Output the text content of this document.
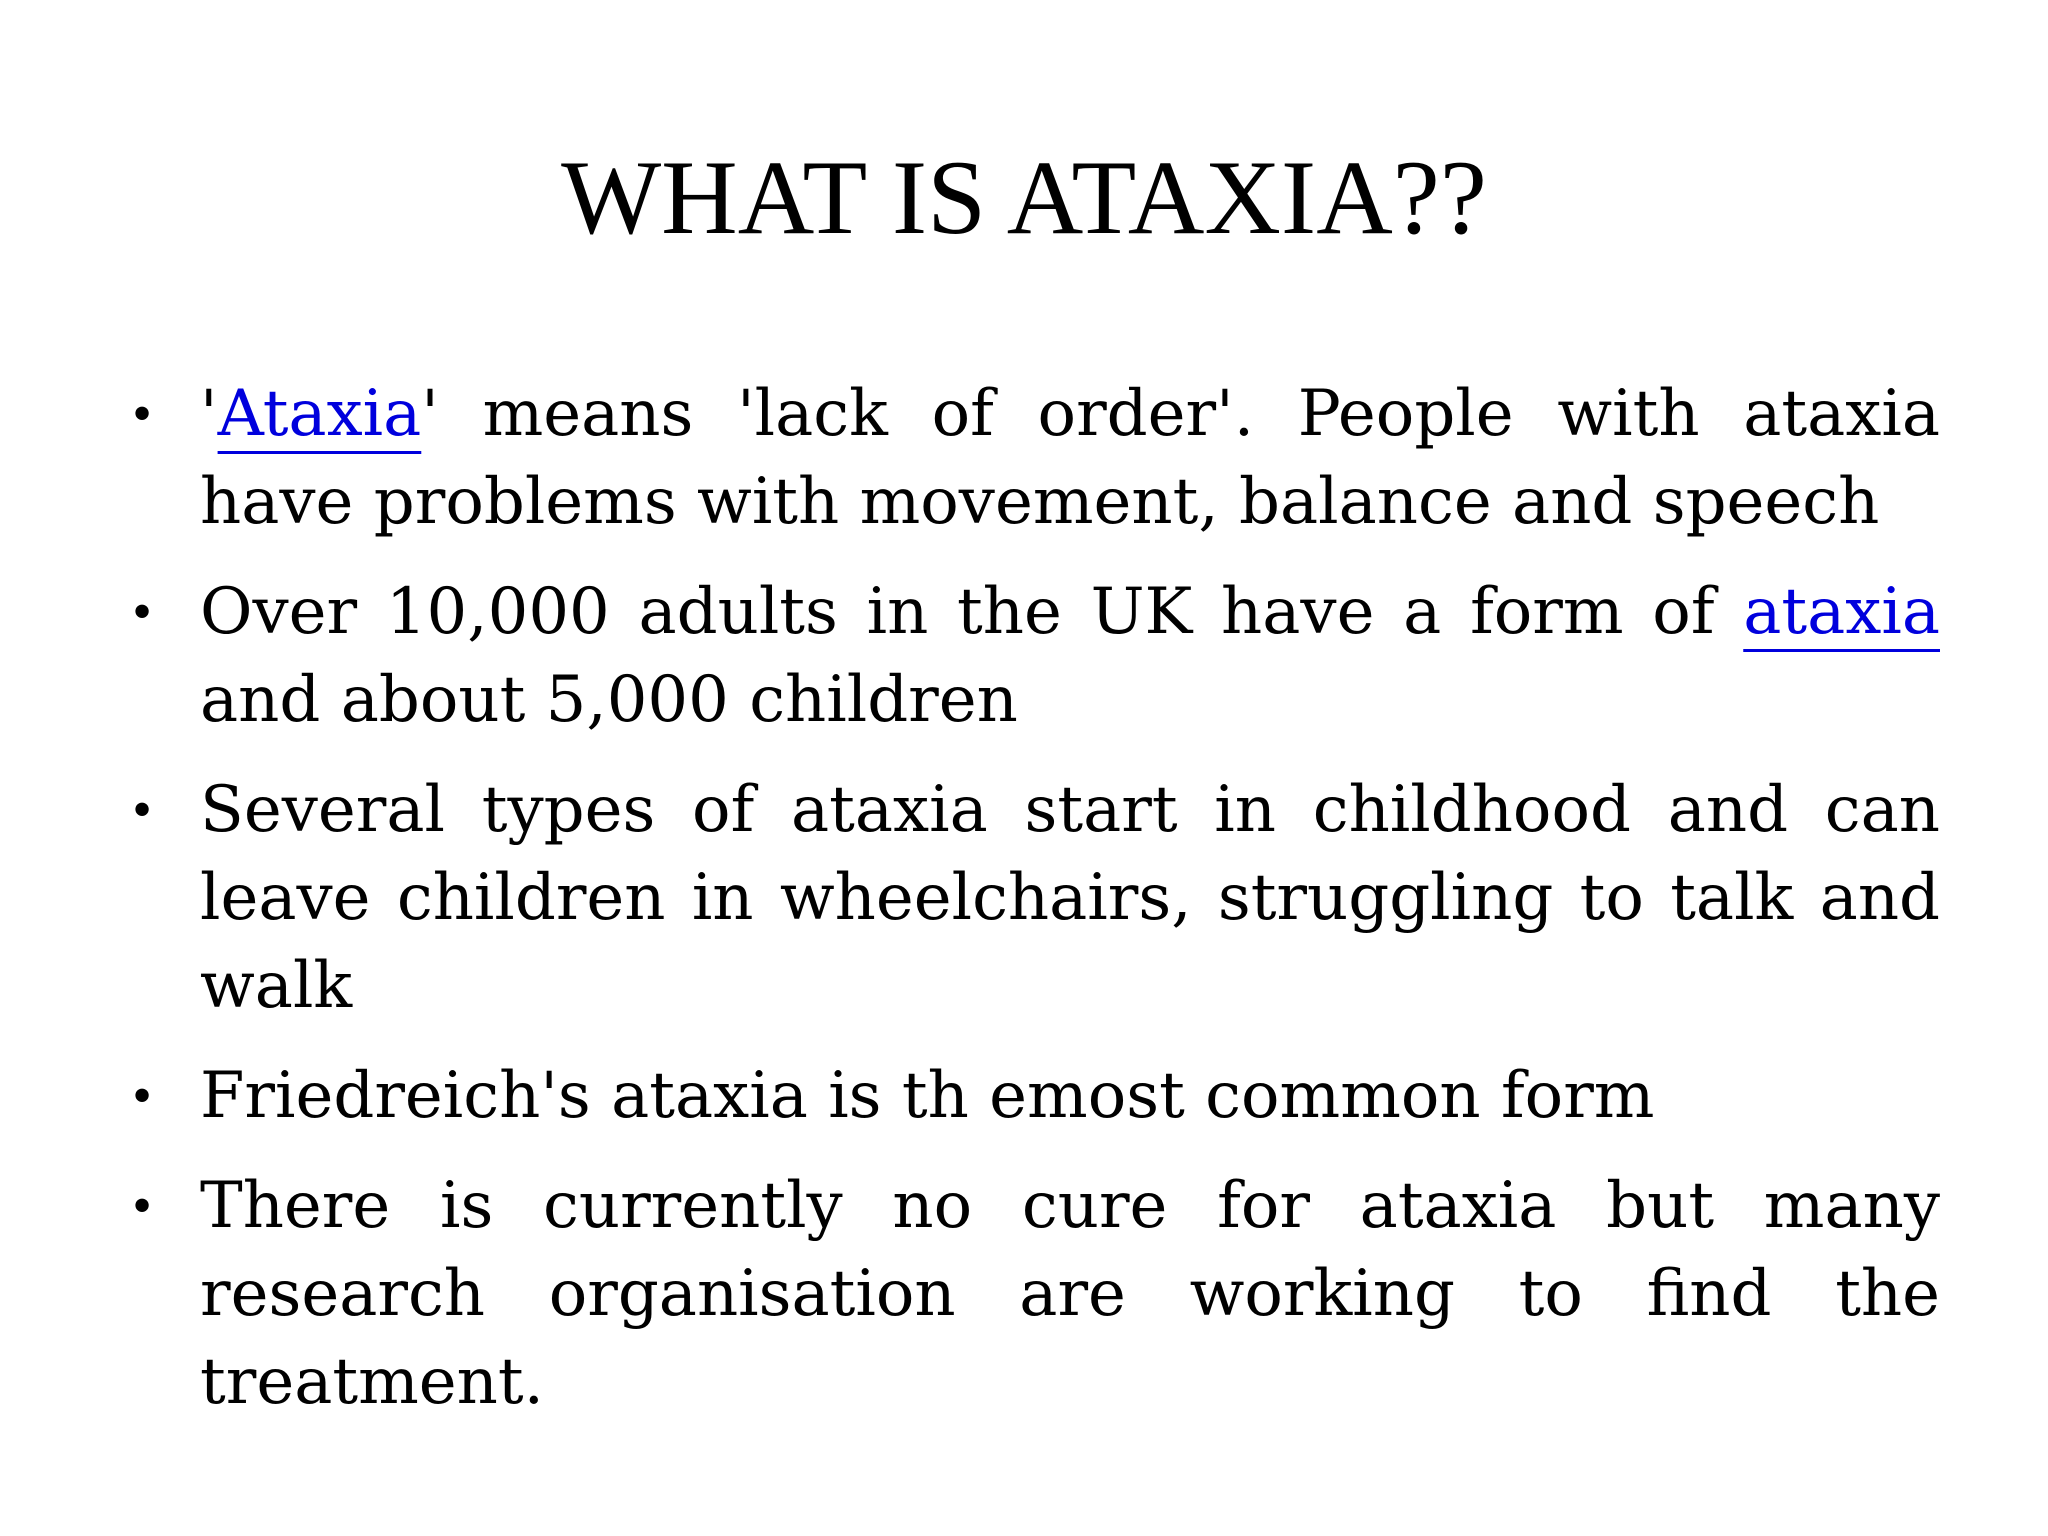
WHAT IS ATAXIA??
• 'Ataxia' means 'lack of order'. People with ataxia have problems with movement, balance and speech
• Over 10,000 adults in the UK have a form of ataxia and about 5,000 children
• Several types of ataxia start in childhood and can leave children in wheelchairs, struggling to talk and walk
• Friedreich's ataxia is th emost common form
• There is currently no cure for ataxia but many research organisation are working to find the treatment.
